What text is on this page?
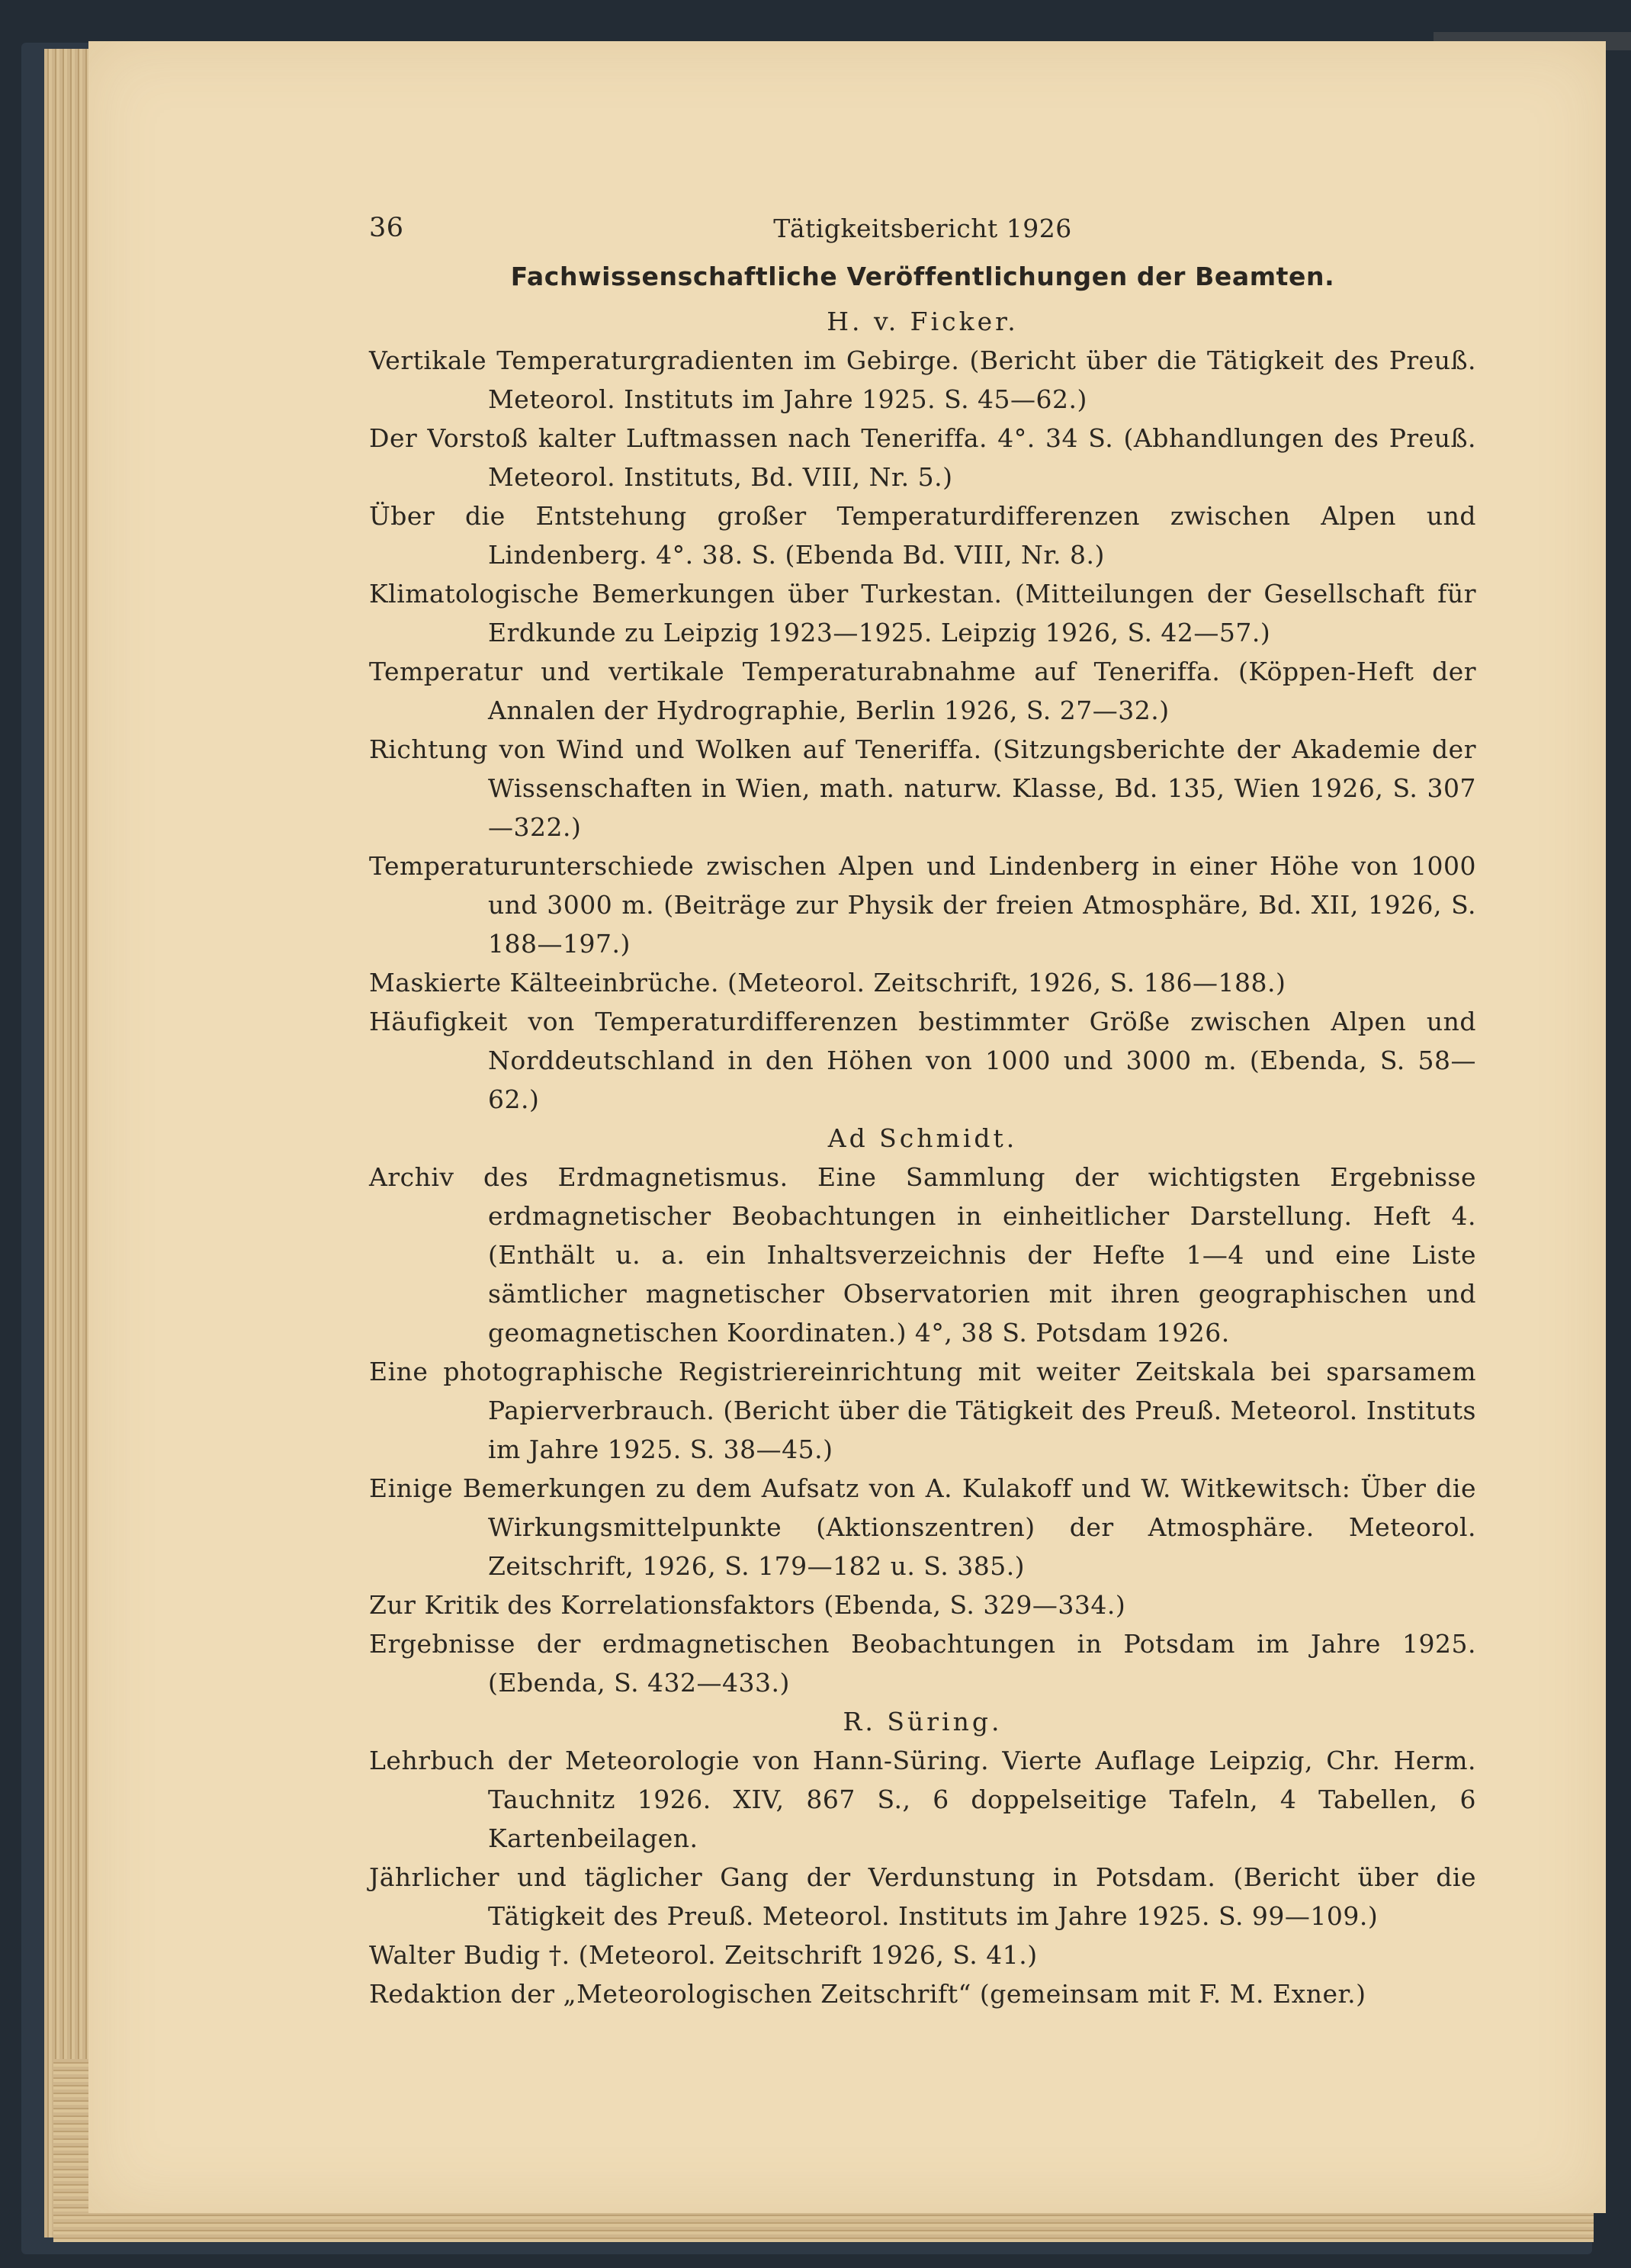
36	Tätigkeitsbericht 1926
Fachwissenschaftliche Veröffentlichungen der Beamten.

H. v. Ficker.

Vertikale Temperaturgradienten im Gebirge. (Bericht über die Tätigkeit des Preuß. Meteorol. Instituts im Jahre 1925. S. 45—62.)

Der Vorstoß kalter Luftmassen nach Teneriffa. 4°. 34 S. (Abhandlungen des Preuß. Meteorol. Instituts, Bd. VIII, Nr. 5.)

Über die Entstehung großer Temperaturdifferenzen zwischen Alpen und Lindenberg. 4°. 38. S. (Ebenda Bd. VIII, Nr. 8.)

Klimatologische Bemerkungen über Turkestan. (Mitteilungen der Gesellschaft für Erdkunde zu Leipzig 1923—1925. Leipzig 1926, S. 42—57.)

Temperatur und vertikale Temperaturabnahme auf Teneriffa. (Köppen-Heft der Annalen der Hydrographie, Berlin 1926, S. 27—32.)

Richtung von Wind und Wolken auf Teneriffa. (Sitzungsberichte der Akademie der Wissenschaften in Wien, math. naturw. Klasse, Bd. 135, Wien 1926, S. 307—322.)

Temperaturunterschiede zwischen Alpen und Lindenberg in einer Höhe von 1000 und 3000 m. (Beiträge zur Physik der freien Atmosphäre, Bd. XII, 1926, S. 188—197.)

Maskierte Kälteeinbrüche. (Meteorol. Zeitschrift, 1926, S. 186—188.)

Häufigkeit von Temperaturdifferenzen bestimmter Größe zwischen Alpen und Norddeutschland in den Höhen von 1000 und 3000 m. (Ebenda, S. 58—62.)

Ad Schmidt.

Archiv des Erdmagnetismus. Eine Sammlung der wichtigsten Ergebnisse erdmagnetischer Beobachtungen in einheitlicher Darstellung. Heft 4. (Enthält u. a. ein Inhaltsverzeichnis der Hefte 1—4 und eine Liste sämtlicher magnetischer Observatorien mit ihren geographischen und geomagnetischen Koordinaten.) 4°, 38 S. Potsdam 1926.

Eine photographische Registriereinrichtung mit weiter Zeitskala bei sparsamem Papierverbrauch. (Bericht über die Tätigkeit des Preuß. Meteorol. Instituts im Jahre 1925. S. 38—45.)

Einige Bemerkungen zu dem Aufsatz von A. Kulakoff und W. Witkewitsch: Über die Wirkungsmittelpunkte (Aktionszentren) der Atmosphäre. Meteorol. Zeitschrift, 1926, S. 179—182 u. S. 385.)

Zur Kritik des Korrelationsfaktors (Ebenda, S. 329—334.)

Ergebnisse der erdmagnetischen Beobachtungen in Potsdam im Jahre 1925. (Ebenda, S. 432—433.)

R. Süring.

Lehrbuch der Meteorologie von Hann-Süring. Vierte Auflage Leipzig, Chr. Herm. Tauchnitz 1926. XIV, 867 S., 6 doppelseitige Tafeln, 4 Tabellen, 6 Kartenbeilagen.

Jährlicher und täglicher Gang der Verdunstung in Potsdam. (Bericht über die Tätigkeit des Preuß. Meteorol. Instituts im Jahre 1925. S. 99—109.)

Walter Budig †. (Meteorol. Zeitschrift 1926, S. 41.)

Redaktion der „Meteorologischen Zeitschrift“ (gemeinsam mit F. M. Exner.)
